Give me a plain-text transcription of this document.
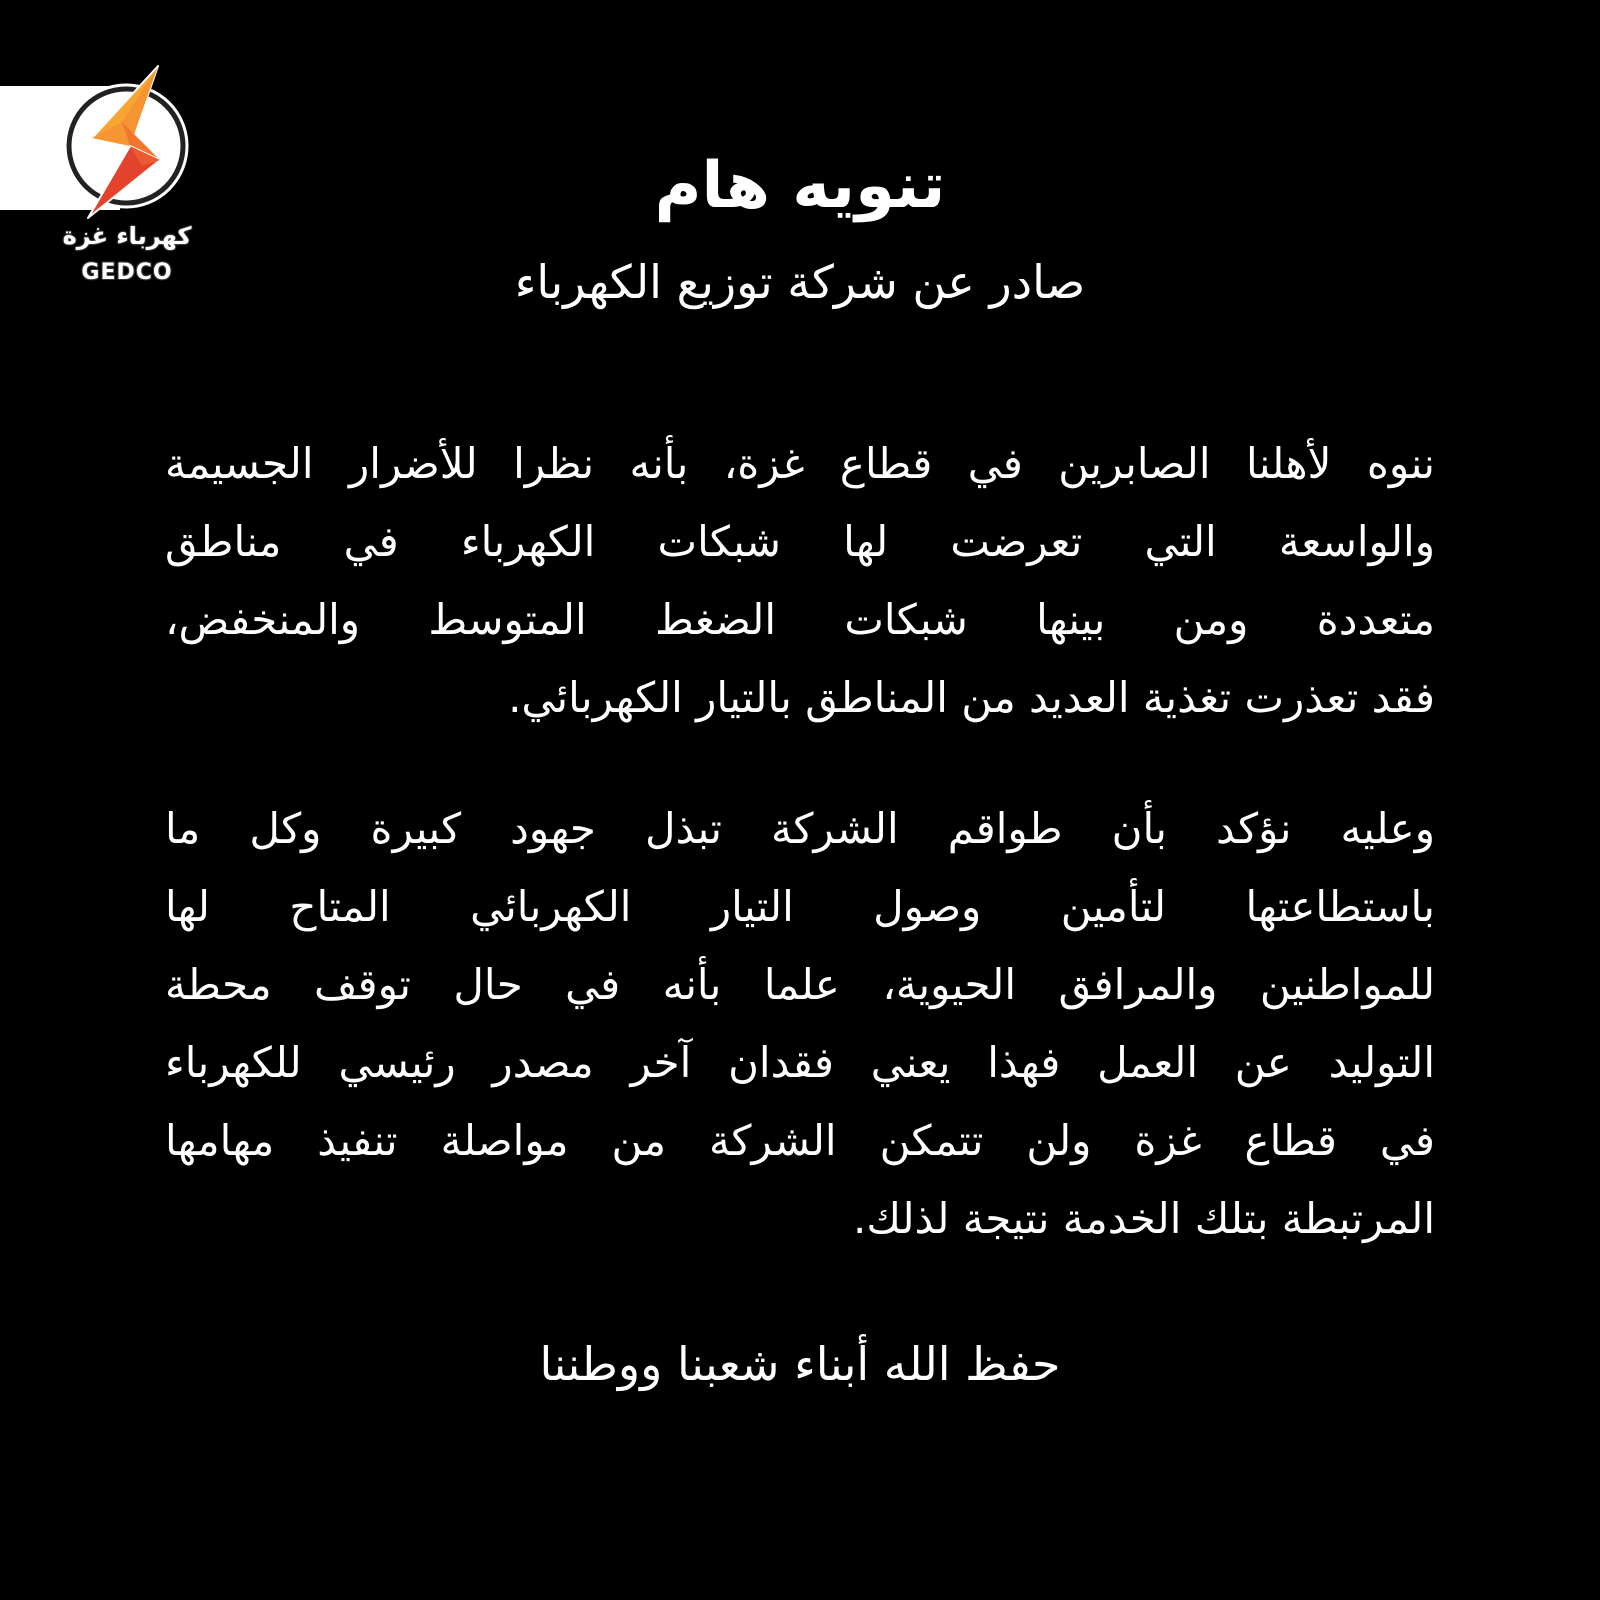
كهرباء غزة
GEDCO
تنويه هام
صادر عن شركة توزيع الكهرباء
ننوه لأهلنا الصابرين في قطاع غزة، بأنه نظرا للأضرار الجسيمة
والواسعة التي تعرضت لها شبكات الكهرباء في مناطق
متعددة ومن بينها شبكات الضغط المتوسط والمنخفض،
فقد تعذرت تغذية العديد من المناطق بالتيار الكهربائي.
وعليه نؤكد بأن طواقم الشركة تبذل جهود كبيرة وكل ما
باستطاعتها لتأمين وصول التيار الكهربائي المتاح لها
للمواطنين والمرافق الحيوية، علما بأنه في حال توقف محطة
التوليد عن العمل فهذا يعني فقدان آخر مصدر رئيسي للكهرباء
في قطاع غزة ولن تتمكن الشركة من مواصلة تنفيذ مهامها
المرتبطة بتلك الخدمة نتيجة لذلك.
حفظ الله أبناء شعبنا ووطننا
